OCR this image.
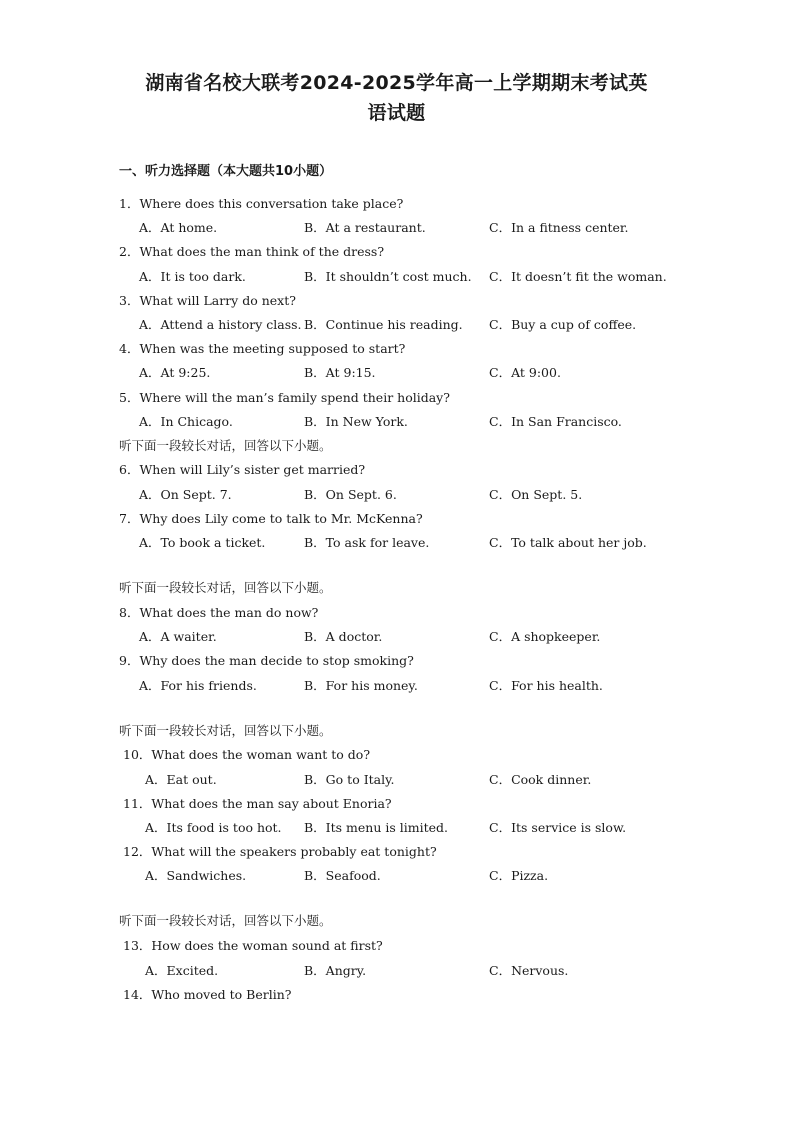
湖南省名校大联考2024-2025学年高一上学期期末考试英
语试题
一、听力选择题（本大题共10小题）
1．Where does this conversation take place?
A．At home.	B．At a restaurant.	C．In a fitness center.
2．What does the man think of the dress?
A．It is too dark.	B．It shouldn’t cost much. C．It doesn’t fit the woman.
3．What will Larry do next?
A．Attend a history class. B．Continue his reading. C．Buy a cup of coffee.
4．When was the meeting supposed to start?
A．At 9:25.	B．At 9:15.	C．At 9:00.
5．Where will the man’s family spend their holiday?
A．In Chicago.	B．In New York.	C．In San Francisco.
听下面一段较长对话，回答以下小题。
6．When will Lily’s sister get married?
A．On Sept. 7.	B．On Sept. 6.	C．On Sept. 5.
7．Why does Lily come to talk to Mr. McKenna?
A．To book a ticket.	B．To ask for leave.	C．To talk about her job.
听下面一段较长对话，回答以下小题。
8．What does the man do now?
A．A waiter.	B．A doctor.	C．A shopkeeper.
9．Why does the man decide to stop smoking?
A．For his friends.	B．For his money.	C．For his health.
听下面一段较长对话，回答以下小题。
10．What does the woman want to do?
A．Eat out.	B．Go to Italy.	C．Cook dinner.
11．What does the man say about Enoria?
A．Its food is too hot. B．Its menu is limited.	C．Its service is slow.
12．What will the speakers probably eat tonight?
A．Sandwiches.	B．Seafood.	C．Pizza.
听下面一段较长对话，回答以下小题。
13．How does the woman sound at first?
A．Excited.	B．Angry.	C．Nervous.
14．Who moved to Berlin?
